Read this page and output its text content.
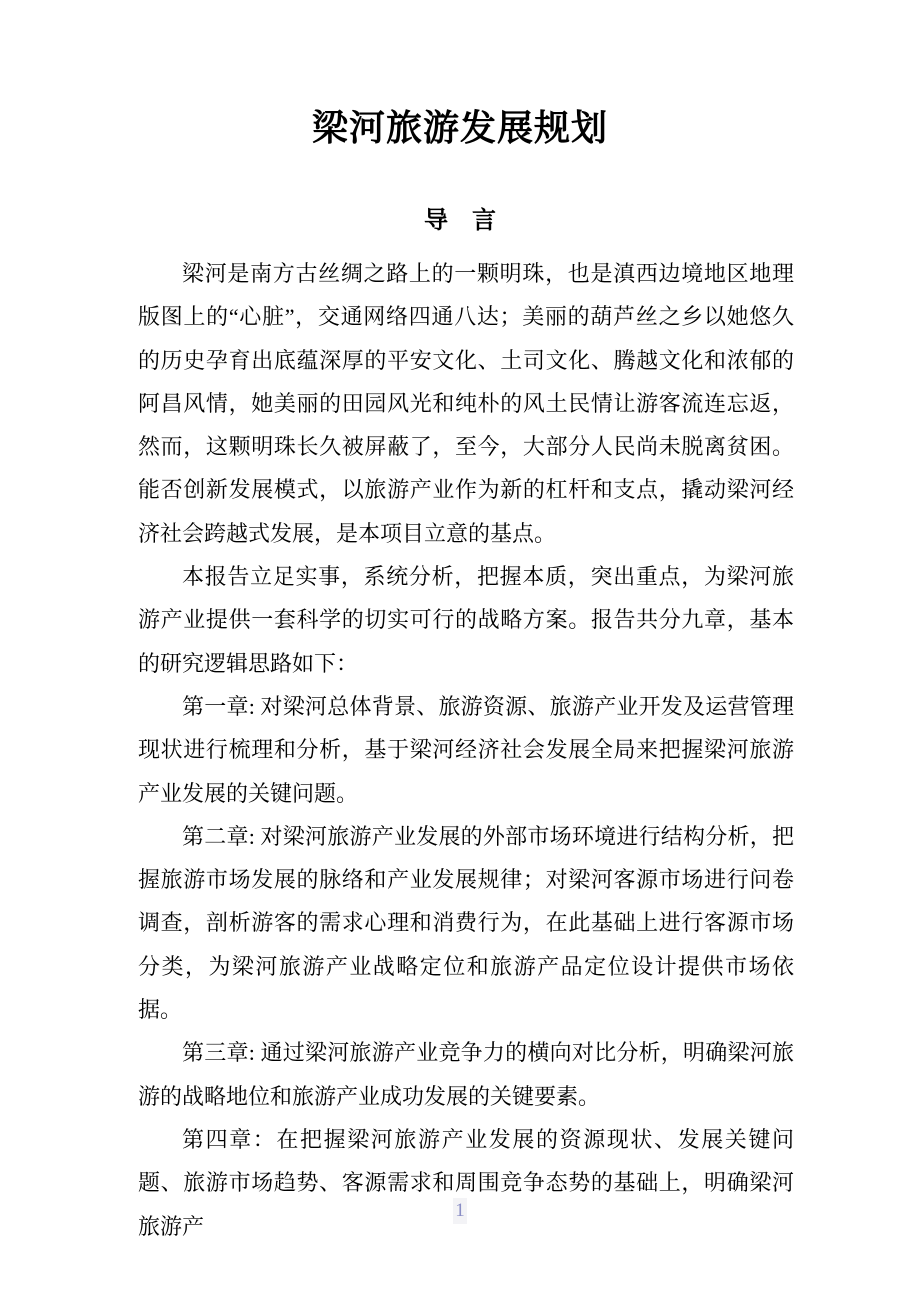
梁河旅游发展规划
导　言

梁河是南方古丝绸之路上的一颗明珠，也是滇西边境地区地理版图上的“心脏”，交通网络四通八达；美丽的葫芦丝之乡以她悠久的历史孕育出底蕴深厚的平安文化、土司文化、腾越文化和浓郁的阿昌风情，她美丽的田园风光和纯朴的风土民情让游客流连忘返，然而，这颗明珠长久被屏蔽了，至今，大部分人民尚未脱离贫困。能否创新发展模式，以旅游产业作为新的杠杆和支点，撬动梁河经济社会跨越式发展，是本项目立意的基点。

本报告立足实事，系统分析，把握本质，突出重点，为梁河旅游产业提供一套科学的切实可行的战略方案。报告共分九章，基本的研究逻辑思路如下：

第一章: 对梁河总体背景、旅游资源、旅游产业开发及运营管理现状进行梳理和分析，基于梁河经济社会发展全局来把握梁河旅游产业发展的关键问题。

第二章: 对梁河旅游产业发展的外部市场环境进行结构分析，把握旅游市场发展的脉络和产业发展规律；对梁河客源市场进行问卷调查，剖析游客的需求心理和消费行为，在此基础上进行客源市场分类，为梁河旅游产业战略定位和旅游产品定位设计提供市场依据。

第三章: 通过梁河旅游产业竞争力的横向对比分析，明确梁河旅游的战略地位和旅游产业成功发展的关键要素。

第四章：在把握梁河旅游产业发展的资源现状、发展关键问题、旅游市场趋势、客源需求和周围竞争态势的基础上，明确梁河旅游产

1
